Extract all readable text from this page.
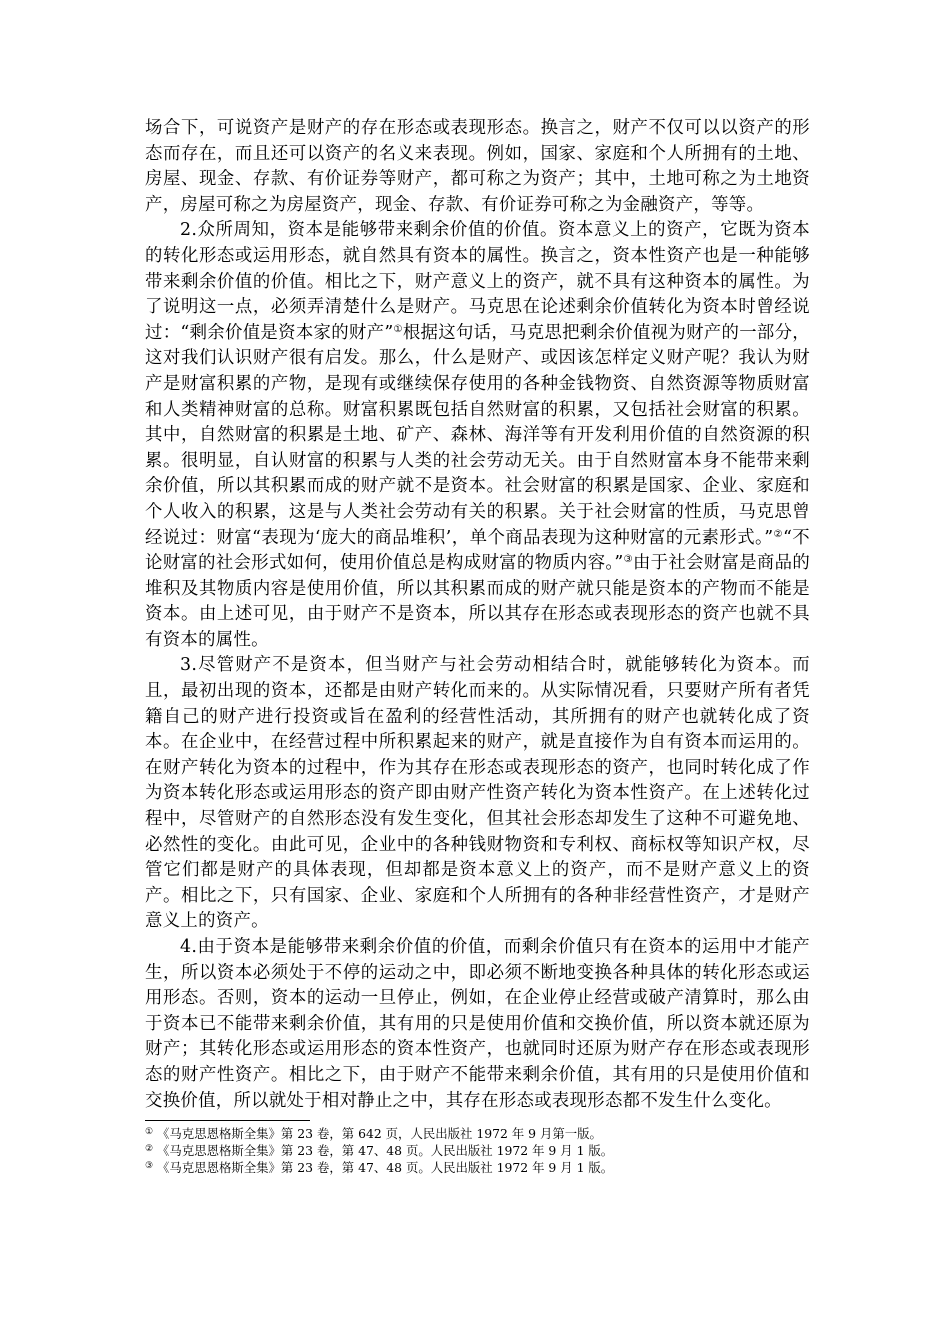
场合下，可说资产是财产的存在形态或表现形态。换言之，财产不仅可以以资产的形态而存在，而且还可以资产的名义来表现。例如，国家、家庭和个人所拥有的土地、房屋、现金、存款、有价证券等财产，都可称之为资产；其中，土地可称之为土地资产，房屋可称之为房屋资产，现金、存款、有价证券可称之为金融资产，等等。

2.众所周知，资本是能够带来剩余价值的价值。资本意义上的资产，它既为资本的转化形态或运用形态，就自然具有资本的属性。换言之，资本性资产也是一种能够带来剩余价值的价值。相比之下，财产意义上的资产，就不具有这种资本的属性。为了说明这一点，必须弄清楚什么是财产。马克思在论述剩余价值转化为资本时曾经说过：“剩余价值是资本家的财产”①根据这句话，马克思把剩余价值视为财产的一部分，这对我们认识财产很有启发。那么，什么是财产、或因该怎样定义财产呢？我认为财产是财富积累的产物，是现有或继续保存使用的各种金钱物资、自然资源等物质财富和人类精神财富的总称。财富积累既包括自然财富的积累，又包括社会财富的积累。其中，自然财富的积累是土地、矿产、森林、海洋等有开发利用价值的自然资源的积累。很明显，自认财富的积累与人类的社会劳动无关。由于自然财富本身不能带来剩余价值，所以其积累而成的财产就不是资本。社会财富的积累是国家、企业、家庭和个人收入的积累，这是与人类社会劳动有关的积累。关于社会财富的性质，马克思曾经说过：财富“表现为‘庞大的商品堆积’，单个商品表现为这种财富的元素形式。”②“不论财富的社会形式如何，使用价值总是构成财富的物质内容。”③由于社会财富是商品的堆积及其物质内容是使用价值，所以其积累而成的财产就只能是资本的产物而不能是资本。由上述可见，由于财产不是资本，所以其存在形态或表现形态的资产也就不具有资本的属性。

3.尽管财产不是资本，但当财产与社会劳动相结合时，就能够转化为资本。而且，最初出现的资本，还都是由财产转化而来的。从实际情况看，只要财产所有者凭籍自己的财产进行投资或旨在盈利的经营性活动，其所拥有的财产也就转化成了资本。在企业中，在经营过程中所积累起来的财产，就是直接作为自有资本而运用的。在财产转化为资本的过程中，作为其存在形态或表现形态的资产，也同时转化成了作为资本转化形态或运用形态的资产即由财产性资产转化为资本性资产。在上述转化过程中，尽管财产的自然形态没有发生变化，但其社会形态却发生了这种不可避免地、必然性的变化。由此可见，企业中的各种钱财物资和专利权、商标权等知识产权，尽管它们都是财产的具体表现，但却都是资本意义上的资产，而不是财产意义上的资产。相比之下，只有国家、企业、家庭和个人所拥有的各种非经营性资产，才是财产意义上的资产。

4.由于资本是能够带来剩余价值的价值，而剩余价值只有在资本的运用中才能产生，所以资本必须处于不停的运动之中，即必须不断地变换各种具体的转化形态或运用形态。否则，资本的运动一旦停止，例如，在企业停止经营或破产清算时，那么由于资本已不能带来剩余价值，其有用的只是使用价值和交换价值，所以资本就还原为财产；其转化形态或运用形态的资本性资产，也就同时还原为财产存在形态或表现形态的财产性资产。相比之下，由于财产不能带来剩余价值，其有用的只是使用价值和交换价值，所以就处于相对静止之中，其存在形态或表现形态都不发生什么变化。

① 《马克思恩格斯全集》第 23 卷，第 642 页，人民出版社 1972 年 9 月第一版。

② 《马克思恩格斯全集》第 23 卷，第 47、48 页。人民出版社 1972 年 9 月 1 版。

③ 《马克思恩格斯全集》第 23 卷，第 47、48 页。人民出版社 1972 年 9 月 1 版。
